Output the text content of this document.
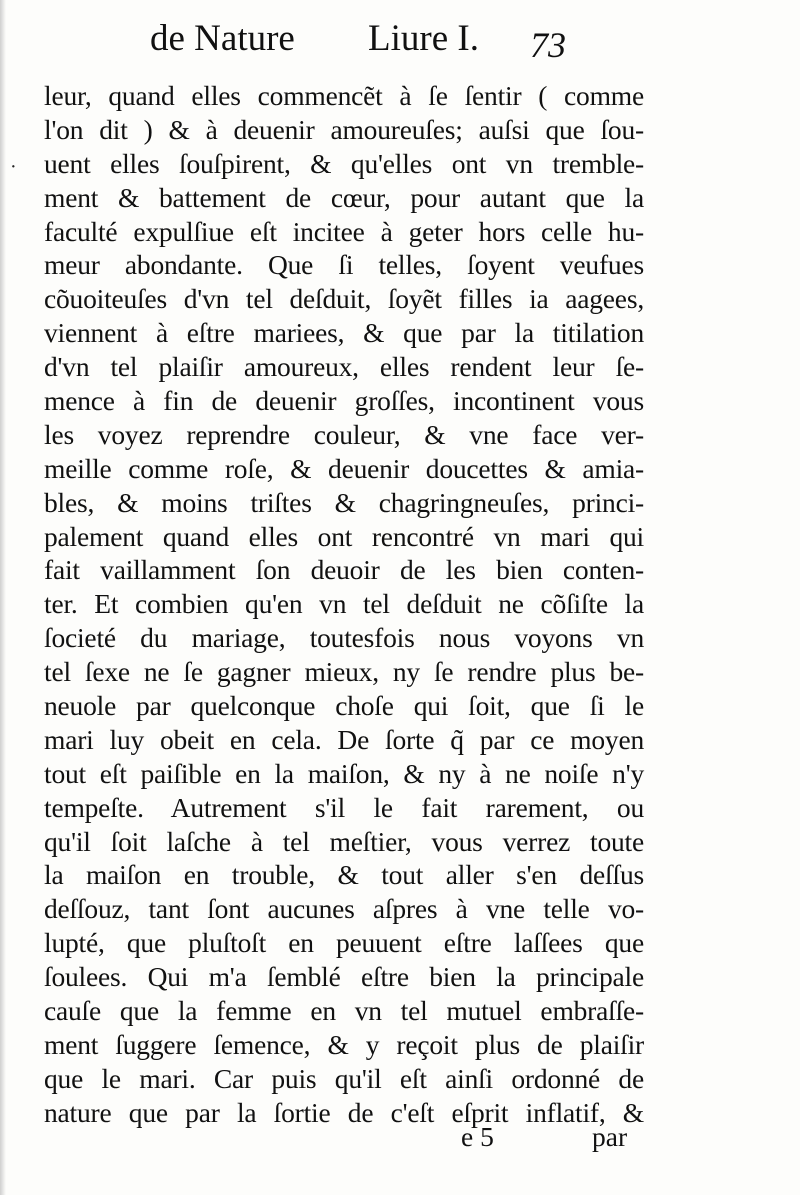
de Nature Liure I. 73
·
leur, quand elles commencẽt à ſe ſentir ( comme
l'on dit ) & à deuenir amoureuſes; auſsi que ſou-
uent elles ſouſpirent, & qu'elles ont vn tremble-
ment & battement de cœur, pour autant que la
faculté expulſiue eſt incitee à geter hors celle hu-
meur abondante. Que ſi telles, ſoyent veufues
cõuoiteuſes d'vn tel deſduit, ſoyẽt filles ia aagees,
viennent à eſtre mariees, & que par la titilation
d'vn tel plaiſir amoureux, elles rendent leur ſe-
mence à fin de deuenir groſſes, incontinent vous
les voyez reprendre couleur, & vne face ver-
meille comme roſe, & deuenir doucettes & amia-
bles, & moins triſtes & chagringneuſes, princi-
palement quand elles ont rencontré vn mari qui
fait vaillamment ſon deuoir de les bien conten-
ter. Et combien qu'en vn tel deſduit ne cõſiſte la
ſocieté du mariage, toutesfois nous voyons vn
tel ſexe ne ſe gagner mieux, ny ſe rendre plus be-
neuole par quelconque choſe qui ſoit, que ſi le
mari luy obeit en cela. De ſorte q̃ par ce moyen
tout eſt paiſible en la maiſon, & ny à ne noiſe n'y
tempeſte. Autrement s'il le fait rarement, ou
qu'il ſoit laſche à tel meſtier, vous verrez toute
la maiſon en trouble, & tout aller s'en deſſus
deſſouz, tant ſont aucunes aſpres à vne telle vo-
lupté, que pluſtoſt en peuuent eſtre laſſees que
ſoulees. Qui m'a ſemblé eſtre bien la principale
cauſe que la femme en vn tel mutuel embraſſe-
ment ſuggere ſemence, & y reçoit plus de plaiſir
que le mari. Car puis qu'il eſt ainſi ordonné de
nature que par la ſortie de c'eſt eſprit inflatif, &
e 5	par
